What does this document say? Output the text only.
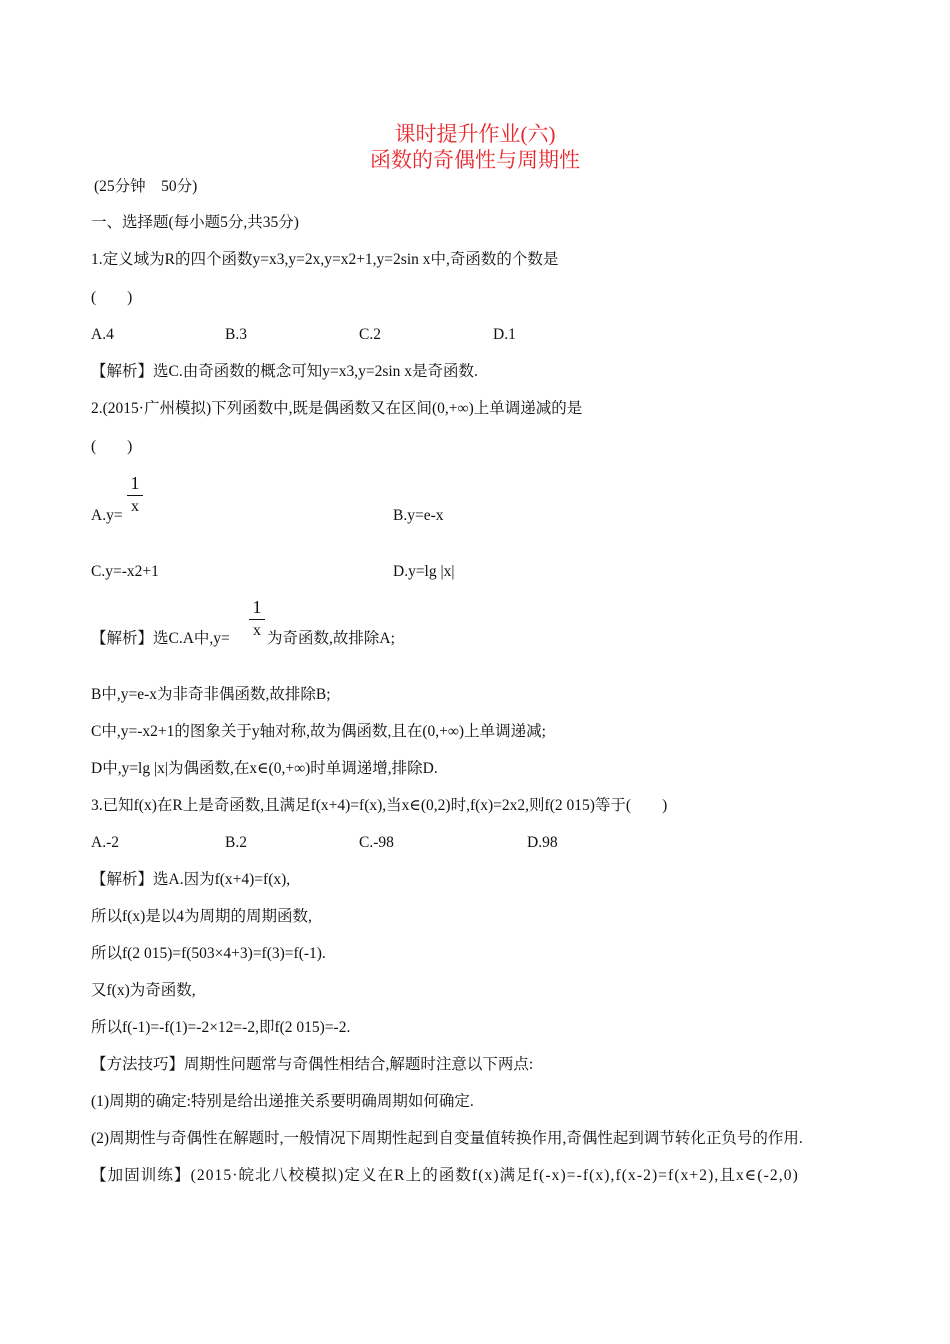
课时提升作业(六)
函数的奇偶性与周期性
(25分钟　50分)
一、选择题(每小题5分,共35分)
1.定义域为R的四个函数y=x3,y=2x,y=x2+1,y=2sin x中,奇函数的个数是
(　　)
A.4	B.3	C.2	D.1
【解析】选C.由奇函数的概念可知y=x3,y=2sin x是奇函数.
2.(2015·广州模拟)下列函数中,既是偶函数又在区间(0,+∞)上单调递减的是
(　　)
A.y=
1
x
B.y=e-x
C.y=-x2+1	D.y=lg |x|
【解析】选C.A中,y=
1
x 为奇函数,故排除A;
B中,y=e-x为非奇非偶函数,故排除B;
C中,y=-x2+1的图象关于y轴对称,故为偶函数,且在(0,+∞)上单调递减;
D中,y=lg |x|为偶函数,在x∈(0,+∞)时单调递增,排除D.
3.已知f(x)在R上是奇函数,且满足f(x+4)=f(x),当x∈(0,2)时,f(x)=2x2,则f(2 015)等于(　　)
A.-2	B.2	C.-98	D.98
【解析】选A.因为f(x+4)=f(x),
所以f(x)是以4为周期的周期函数,
所以f(2 015)=f(503×4+3)=f(3)=f(-1).
又f(x)为奇函数,
所以f(-1)=-f(1)=-2×12=-2,即f(2 015)=-2.
【方法技巧】周期性问题常与奇偶性相结合,解题时注意以下两点:
(1)周期的确定:特别是给出递推关系要明确周期如何确定.
(2)周期性与奇偶性在解题时,一般情况下周期性起到自变量值转换作用,奇偶性起到调节转化正负号的作用.
【加固训练】(2015·皖北八校模拟)定义在R上的函数f(x)满足f(-x)=-f(x),f(x-2)=f(x+2),且x∈(-2,0)
